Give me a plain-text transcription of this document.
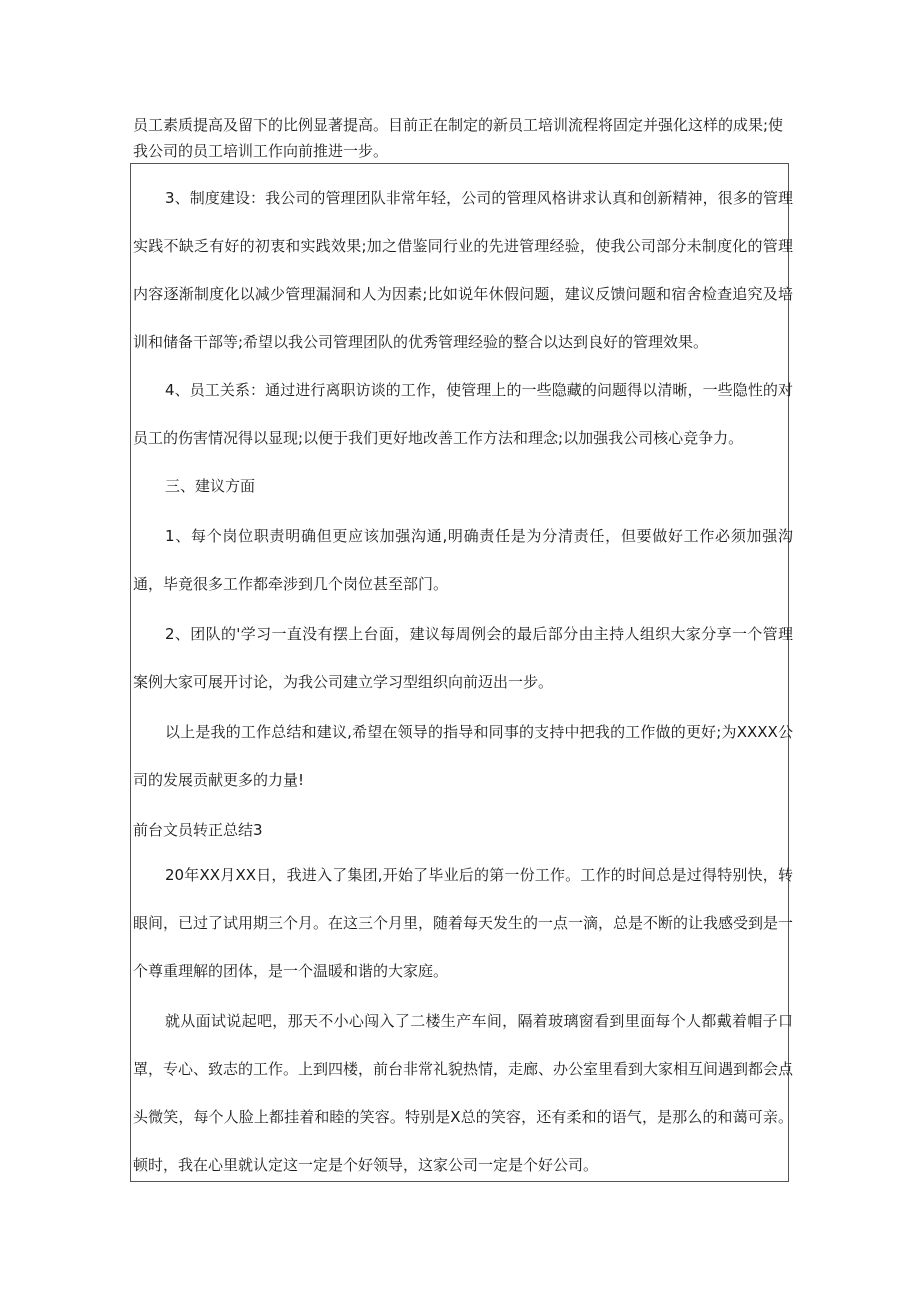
员工素质提高及留下的比例显著提高。目前正在制定的新员工培训流程将固定并强化这样的成果;使我公司的员工培训工作向前推进一步。

3、制度建设：我公司的管理团队非常年轻，公司的管理风格讲求认真和创新精神，很多的管理实践不缺乏有好的初衷和实践效果;加之借鉴同行业的先进管理经验，使我公司部分未制度化的管理内容逐渐制度化以减少管理漏洞和人为因素;比如说年休假问题，建议反馈问题和宿舍检查追究及培训和储备干部等;希望以我公司管理团队的优秀管理经验的整合以达到良好的管理效果。

4、员工关系：通过进行离职访谈的工作，使管理上的一些隐藏的问题得以清晰，一些隐性的对员工的伤害情况得以显现;以便于我们更好地改善工作方法和理念;以加强我公司核心竞争力。

三、建议方面

1、每个岗位职责明确但更应该加强沟通,明确责任是为分清责任，但要做好工作必须加强沟通，毕竟很多工作都牵涉到几个岗位甚至部门。

2、团队的'学习一直没有摆上台面，建议每周例会的最后部分由主持人组织大家分享一个管理案例大家可展开讨论，为我公司建立学习型组织向前迈出一步。

以上是我的工作总结和建议,希望在领导的指导和同事的支持中把我的工作做的更好;为XXXX公司的发展贡献更多的力量!

前台文员转正总结3

20年XX月XX日，我进入了集团,开始了毕业后的第一份工作。工作的时间总是过得特别快，转眼间，已过了试用期三个月。在这三个月里，随着每天发生的一点一滴，总是不断的让我感受到是一个尊重理解的团体，是一个温暖和谐的大家庭。

就从面试说起吧，那天不小心闯入了二楼生产车间，隔着玻璃窗看到里面每个人都戴着帽子口罩，专心、致志的工作。上到四楼，前台非常礼貌热情，走廊、办公室里看到大家相互间遇到都会点头微笑，每个人脸上都挂着和睦的笑容。特别是X总的笑容，还有柔和的语气，是那么的和蔼可亲。顿时，我在心里就认定这一定是个好领导，这家公司一定是个好公司。
